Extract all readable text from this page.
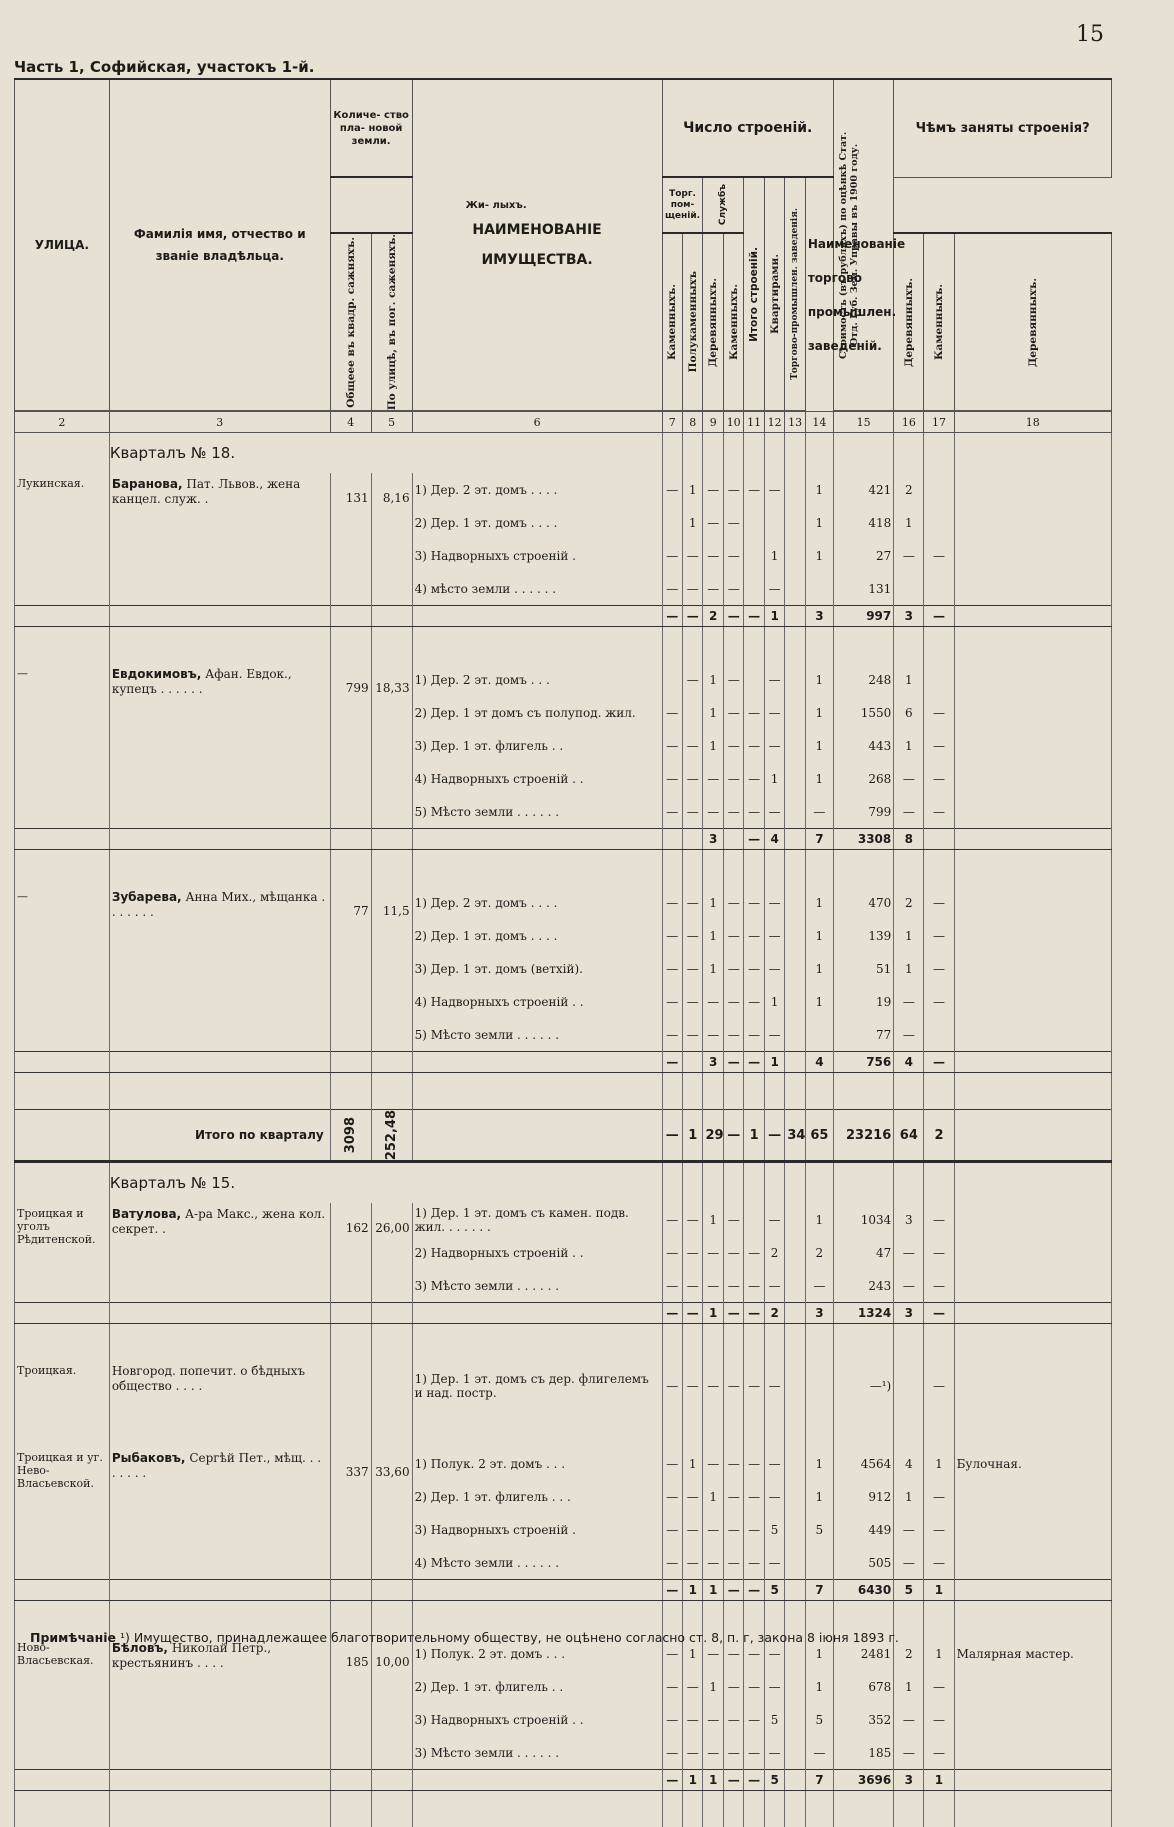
15
Часть 1, Софийская, участокъ 1-й.
УЛИЦА.	Фамилія имя, отчество и званіе владѣльца.	Количе- ство пла- новой земли.		НАИМЕНОВАНІЕ ИМУЩЕСТВА.	Число строеній.								Стоимость (въ рубляхъ) по оцѣнкѣ Стат. Отд. Губ. Зем. Управы въ 1900 году.	Чѣмъ заняты строенія?		
		Жи- лыхъ.			Торг. пом- щеній.		Службъ		Итого строеній.	Квартирами.	Торгово-промышлен. заведенія.	Наименованіе торгово промышлен. заведеній.				

		Общеее въ квадр. сажняхъ.	По улицѣ, въ пог. саженяхъ.		Каменныхъ.	Полукаменныхъ	Деревянныхъ.	Каменныхъ.						Деревянныхъ.	Каменныхъ.	Деревянныхъ.

2	3	4	5	6	7	8	9	10	11	12	13	14	15	16	17	18
	Кварталъ № 18.															
Лукинская.	Баранова, Пат. Львов., жена канцел. служ. .	131	8,16	1) Дер. 2 эт. домъ . . . .	—	1	—	—	—	—		1	421	2		
				2) Дер. 1 эт. домъ . . . .		1	—	—				1	418	1		
				3) Надворныхъ строеній .	—	—	—	—		1		1	27	—	—	
				4) мѣсто земли . . . . . .	—	—	—	—		—			131			
					—	—	2	—	—	1		3	997	3	—	

—	Евдокимовъ, Афан. Евдок., купецъ . . . . . .	799	18,33	1) Дер. 2 эт. домъ . . .		—	1	—		—		1	248	1		
				2) Дер. 1 эт домъ съ полупод. жил.	—		1	—	—	—		1	1550	6	—	
				3) Дер. 1 эт. флигель . .	—	—	1	—	—	—		1	443	1	—	
				4) Надворныхъ строеній . .	—	—	—	—	—	1		1	268	—	—	
				5) Мѣсто земли . . . . . .	—	—	—	—	—	—		—	799	—	—	
							3		—	4		7	3308	8		

—	Зубарева, Анна Мих., мѣщанка . . . . . . .	77	11,5	1) Дер. 2 эт. домъ . . . .	—	—	1	—	—	—		1	470	2	—	
				2) Дер. 1 эт. домъ . . . .	—	—	1	—	—	—		1	139	1	—	
				3) Дер. 1 эт. домъ (ветхій).	—	—	1	—	—	—		1	51	1	—	
				4) Надворныхъ строеній . .	—	—	—	—	—	1		1	19	—	—	
				5) Мѣсто земли . . . . . .	—	—	—	—	—	—			77	—		
					—		3	—	—	1		4	756	4	—	

	Итого по кварталу	3098	252,48		—	1	29	—	1	—	34	65	23216	64	2	
	Кварталъ № 15.															
Троицкая и уголъ Рѣдитенской.	Ватулова, А-ра Макс., жена кол. секрет. .	162	26,00	1) Дер. 1 эт. домъ съ камен. подв. жил. . . . . . .	—	—	1	—		—		1	1034	3	—	
				2) Надворныхъ строеній . .	—	—	—	—	—	2		2	47	—	—	
				3) Мѣсто земли . . . . . .	—	—	—	—	—	—		—	243	—	—	
					—	—	1	—	—	2		3	1324	3	—	

Троицкая.	Новгород. попечит. о бѣдныхъ общество . . . .			1) Дер. 1 эт. домъ съ дер. флигелемъ и над. постр.	—	—	—	—	—	—			—¹)		—	

Троицкая и уг. Нево-Власьевской.	Рыбаковъ, Сергѣй Пет., мѣщ. . . . . . . .	337	33,60	1) Полук. 2 эт. домъ . . .	—	1	—	—	—	—		1	4564	4	1	Булочная.
				2) Дер. 1 эт. флигель . . .	—	—	1	—	—	—		1	912	1	—	
				3) Надворныхъ строеній .	—	—	—	—	—	5		5	449	—	—	
				4) Мѣсто земли . . . . . .	—	—	—	—	—	—			505	—	—	
					—	1	1	—	—	5		7	6430	5	1	

Ново-Власьевская.	Бѣловъ, Николай Петр., крестьянинъ . . . .	185	10,00	1) Полук. 2 эт. домъ . . .	—	1	—	—	—	—		1	2481	2	1	Малярная мастер.
				2) Дер. 1 эт. флигель . .	—	—	1	—	—	—		1	678	1	—	
				3) Надворныхъ строеній . .	—	—	—	—	—	5		5	352	—	—	
				3) Мѣсто земли . . . . . .	—	—	—	—	—	—		—	185	—	—	
					—	1	1	—	—	5		7	3696	3	1	

Примѣчаніе ¹) Имущество, принадлежащее благотворительному обществу, не оцѣнено согласно ст. 8, п. г, закона 8 іюня 1893 г.
